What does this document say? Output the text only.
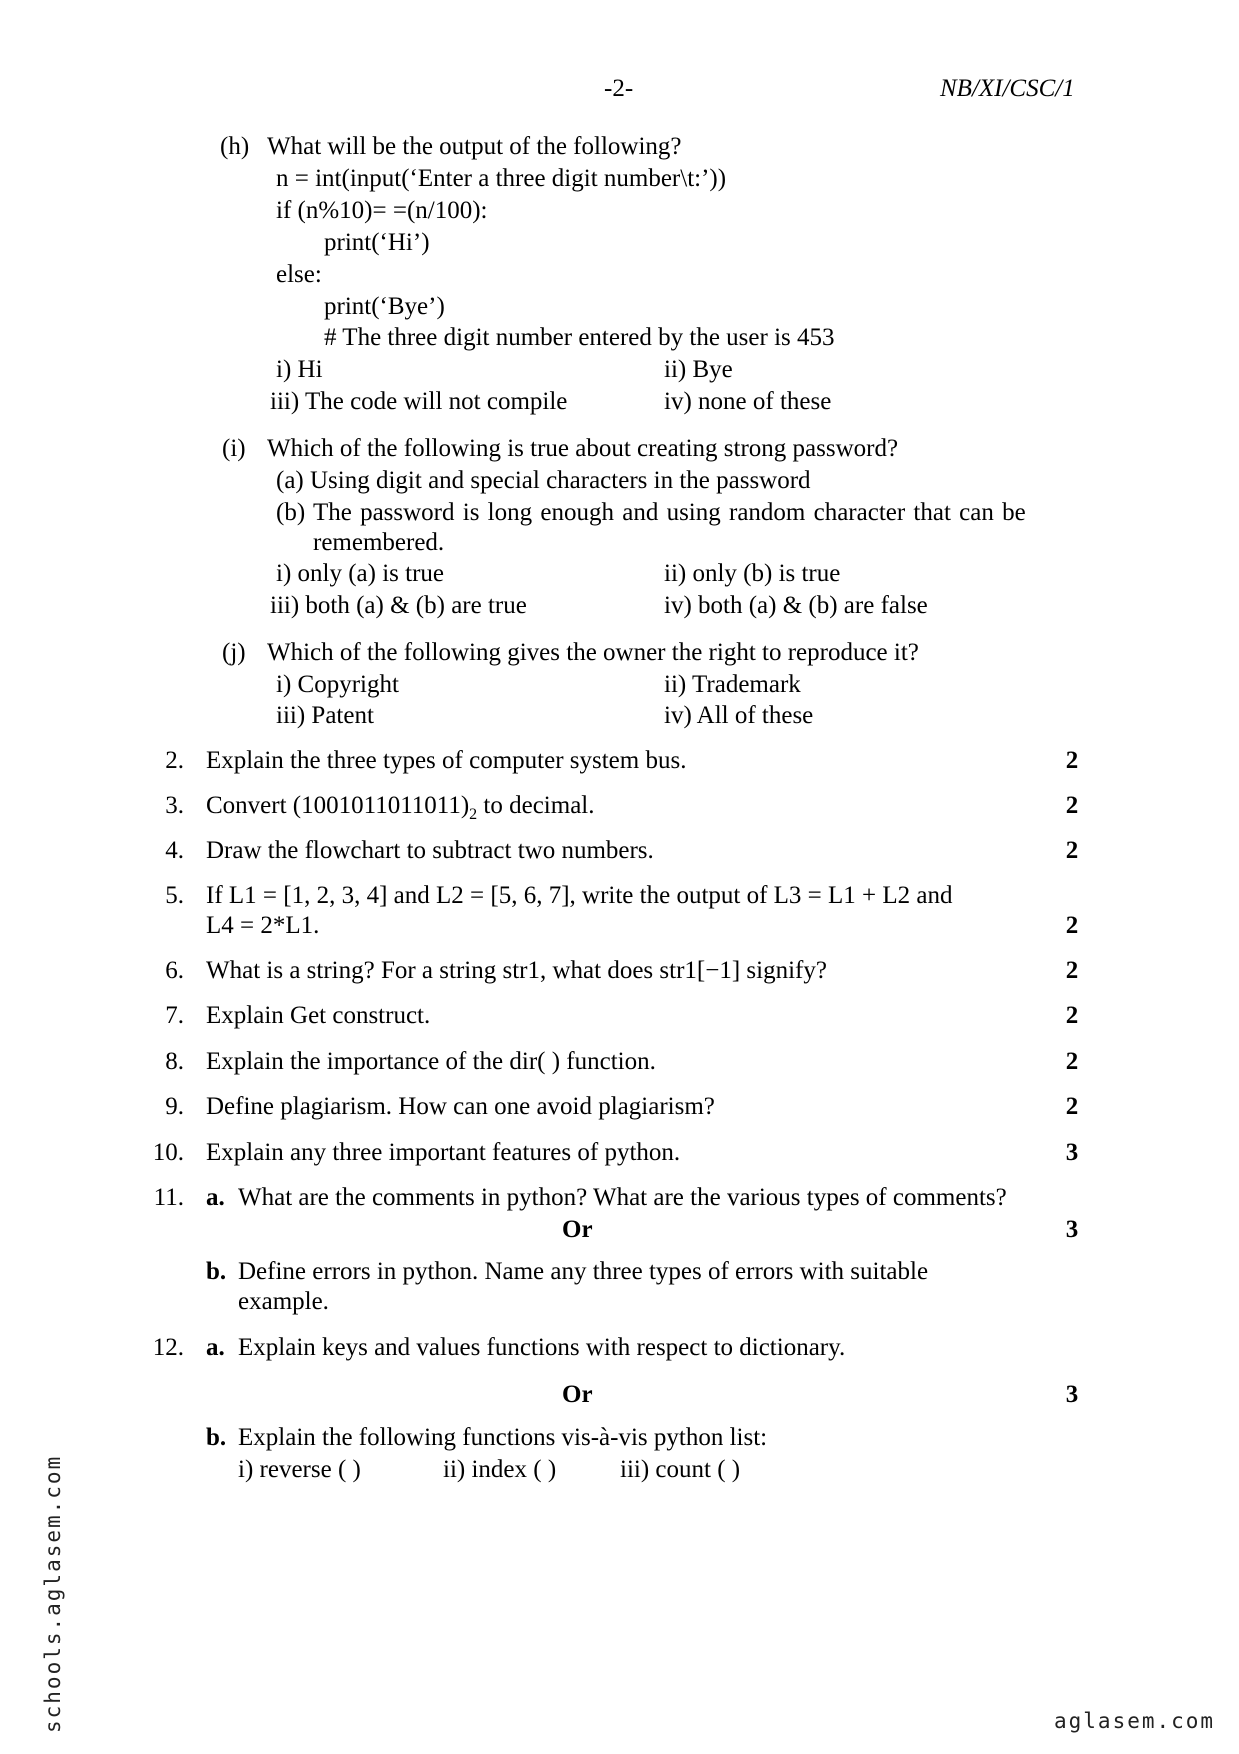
-2-	NB/XI/CSC/1
(h) What will be the output of the following?
n = int(input(‘Enter a three digit number\t:’))
if (n%10)= =(n/100):
print(‘Hi’)
else:
print(‘Bye’)
# The three digit number entered by the user is 453
i) Hi	ii) Bye
iii) The code will not compile	iv) none of these
(i) Which of the following is true about creating strong password?
(a) Using digit and special characters in the password
(b) The password is long enough and using random character that can be
remembered.
i) only (a) is true	ii) only (b) is true
iii) both (a) & (b) are true	iv) both (a) & (b) are false
(j) Which of the following gives the owner the right to reproduce it?
i) Copyright	ii) Trademark
iii) Patent	iv) All of these
2. Explain the three types of computer system bus.	2
3. Convert $(1001011011011)_2$ to decimal.	2
4. Draw the flowchart to subtract two numbers.	2
5. If L1 = [1, 2, 3, 4] and L2 = [5, 6, 7], write the output of L3 = L1 + L2 and
L4 = 2*L1.	2
6. What is a string? For a string str1, what does str1[−1] signify?	2
7. Explain Get construct.	2
8. Explain the importance of the dir( ) function.	2
9. Define plagiarism. How can one avoid plagiarism?	2
10. Explain any three important features of python.	3
11. a. What are the comments in python? What are the various types of comments?
Or	3
b. Define errors in python. Name any three types of errors with suitable
example.
12. a. Explain keys and values functions with respect to dictionary.
Or	3
b. Explain the following functions vis-à-vis python list:
i) reverse ( )	ii) index ( )	iii) count ( )
schools.aglasem.com	aglasem.com
